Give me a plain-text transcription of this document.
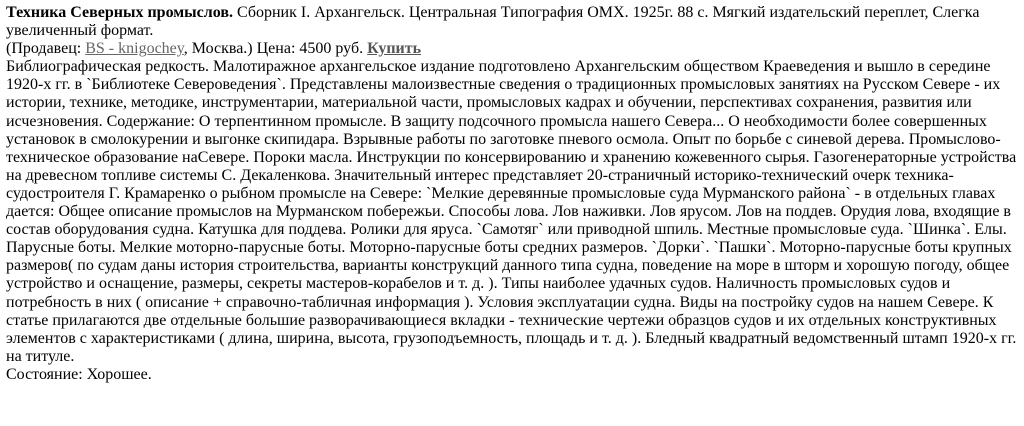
Техника Северных промыслов. Сборник I. Архангельск. Центральная Типография ОМХ. 1925г. 88 с. Мягкий издательский переплет, Слегка увеличенный формат.

(Продавец: BS - knigochey, Москва.) Цена: 4500 руб. Купить

Библиографическая редкость. Малотиражное архангельское издание подготовлено Архангельским обществом Краеведения и вышло в середине 1920-х гг. в `Библиотеке Североведения`. Представлены малоизвестные сведения о традиционных промысловых занятиях на Русском Севере - их истории, технике, методике, инструментарии, материальной части, промысловых кадрах и обучении, перспективах сохранения, развития или исчезновения. Содержание: О терпентинном промысле. В защиту подсочного промысла нашего Севера... О необходимости более совершенных установок в смолокурении и выгонке скипидара. Взрывные работы по заготовке пневого осмола. Опыт по борьбе с синевой дерева. Промыслово-техническое образование наСевере. Пороки масла. Инструкции по консервированию и хранению кожевенного сырья. Газогенераторные устройства на древесном топливе системы С. Декаленкова. Значительный интерес представляет 20-страничный историко-технический очерк техника-судостроителя Г. Крамаренко о рыбном промысле на Севере: `Мелкие деревянные промысловые суда Мурманского района` - в отдельных главах дается: Общее описание промыслов на Мурманском побережьи. Способы лова. Лов наживки. Лов ярусом. Лов на поддев. Орудия лова, входящие в состав оборудования судна. Катушка для поддева. Ролики для яруса. `Самотяг` или приводной шпиль. Местные промысловые суда. `Шинка`. Елы. Парусные боты. Мелкие моторно-парусные боты. Моторно-парусные боты средних размеров. `Дорки`. `Пашки`. Моторно-парусные боты крупных размеров( по судам даны история строительства, варианты конструкций данного типа судна, поведение на море в шторм и хорошую погоду, общее устройство и оснащение, размеры, секреты мастеров-корабелов и т. д. ). Типы наиболее удачных судов. Наличность промысловых судов и потребность в них ( описание + справочно-табличная информация ). Условия эксплуатации судна. Виды на постройку судов на нашем Севере. К статье прилагаются две отдельные большие разворачивающиеся вкладки - технические чертежи образцов судов и их отдельных конструктивных элементов с характеристиками ( длина, ширина, высота, грузоподъемность, площадь и т. д. ). Бледный квадратный ведомственный штамп 1920-х гг. на титуле.

Состояние: Хорошее.
